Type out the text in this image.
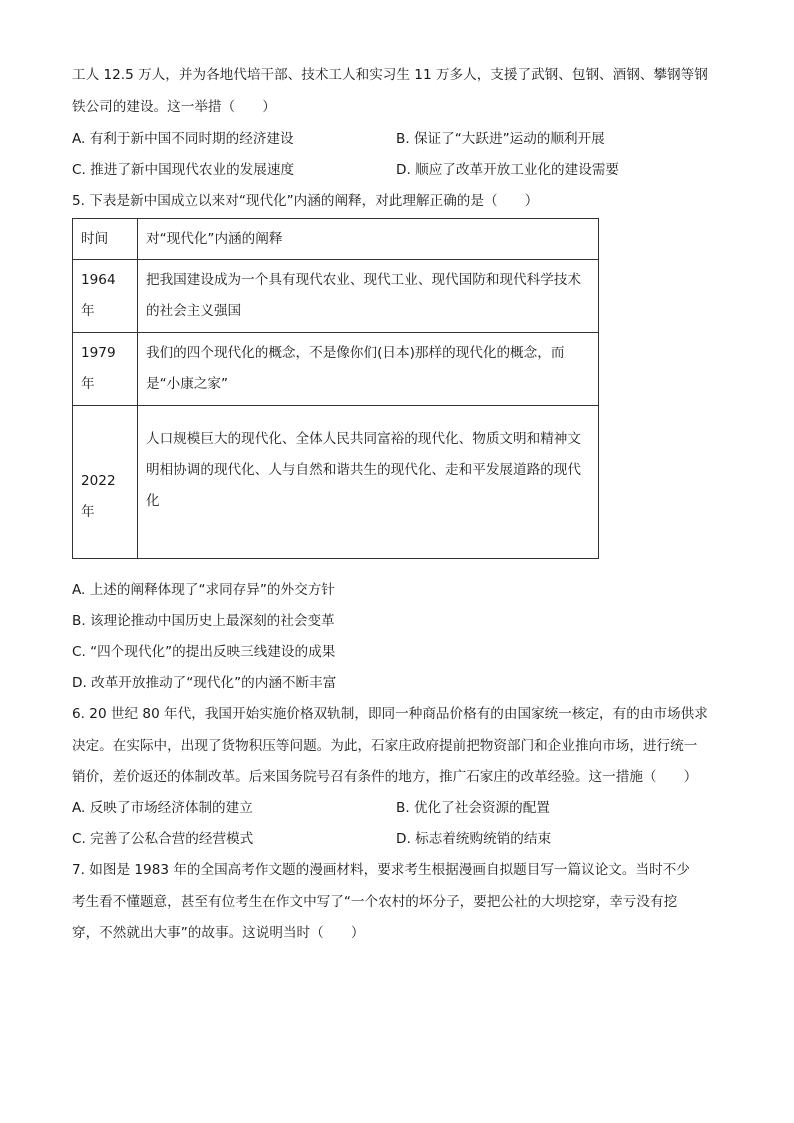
工人 12.5 万人，并为各地代培干部、技术工人和实习生 11 万多人，支援了武钢、包钢、酒钢、攀钢等钢
铁公司的建设。这一举措（　　）
A. 有利于新中国不同时期的经济建设	B. 保证了“大跃进”运动的顺利开展
C. 推进了新中国现代农业的发展速度	D. 顺应了改革开放工业化的建设需要
5. 下表是新中国成立以来对“现代化”内涵的阐释，对此理解正确的是（　　）
时间	对“现代化”内涵的阐释

1964
年	把我国建设成为一个具有现代农业、现代工业、现代国防和现代科学技术的社会主义强国

1979
年	我们的四个现代化的概念，不是像你们(日本)那样的现代化的概念，而是“小康之家”

2022
年	人口规模巨大的现代化、全体人民共同富裕的现代化、物质文明和精神文明相协调的现代化、人与自然和谐共生的现代化、走和平发展道路的现代化
A. 上述的阐释体现了“求同存异”的外交方针
B. 该理论推动中国历史上最深刻的社会变革
C. “四个现代化”的提出反映三线建设的成果
D. 改革开放推动了“现代化”的内涵不断丰富
6. 20 世纪 80 年代，我国开始实施价格双轨制，即同一种商品价格有的由国家统一核定，有的由市场供求
决定。在实际中，出现了货物积压等问题。为此，石家庄政府提前把物资部门和企业推向市场，进行统一
销价，差价返还的体制改革。后来国务院号召有条件的地方，推广石家庄的改革经验。这一措施（　　）
A. 反映了市场经济体制的建立	B. 优化了社会资源的配置
C. 完善了公私合营的经营模式	D. 标志着统购统销的结束
7. 如图是 1983 年的全国高考作文题的漫画材料，要求考生根据漫画自拟题目写一篇议论文。当时不少
考生看不懂题意，甚至有位考生在作文中写了“一个农村的坏分子，要把公社的大坝挖穿，幸亏没有挖
穿，不然就出大事”的故事。这说明当时（　　）
